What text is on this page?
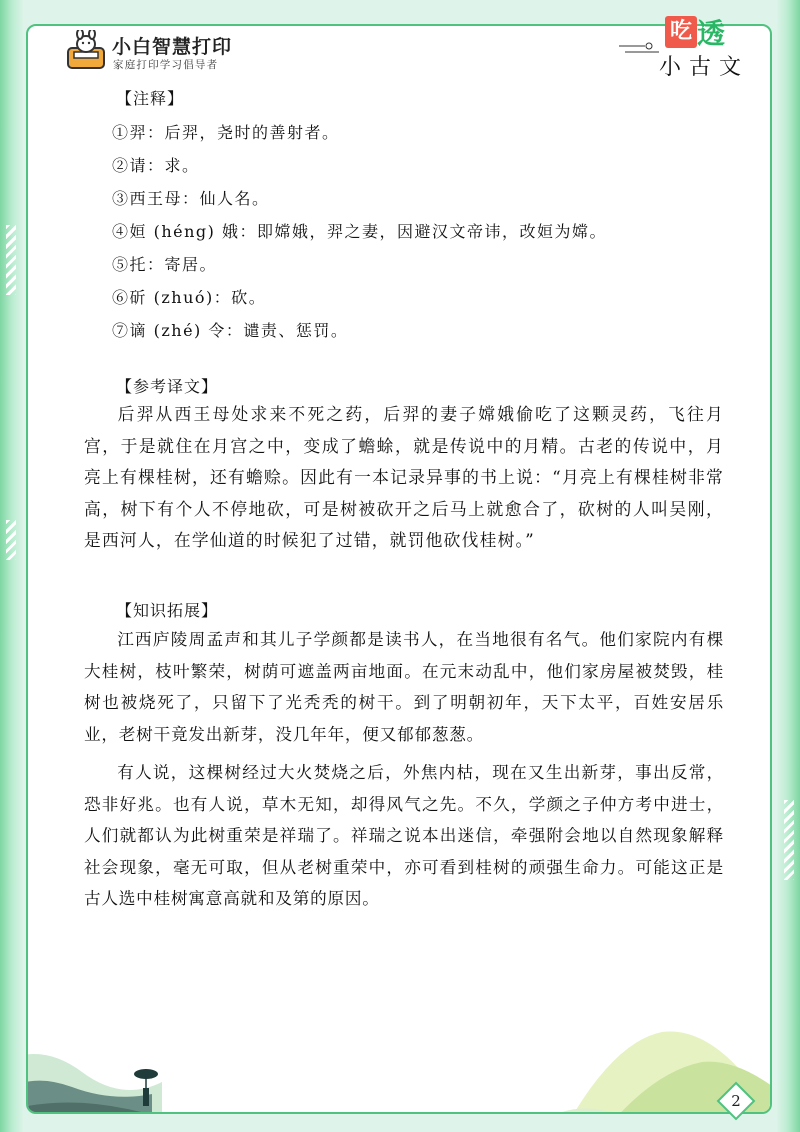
小白智慧打印
家庭打印学习倡导者
吃 透
小古文
【注释】
①羿：后羿，尧时的善射者。
②请：求。
③西王母：仙人名。
④姮 (héng) 娥：即嫦娥，羿之妻，因避汉文帝讳，改姮为嫦。
⑤托：寄居。
⑥斫 (zhuó)：砍。
⑦谪 (zhé) 令：谴责、惩罚。
【参考译文】

后羿从西王母处求来不死之药，后羿的妻子嫦娥偷吃了这颗灵药，飞往月宫，于是就住在月宫之中，变成了蟾蜍，就是传说中的月精。古老的传说中，月亮上有棵桂树，还有蟾赊。因此有一本记录异事的书上说：“月亮上有棵桂树非常高，树下有个人不停地砍，可是树被砍开之后马上就愈合了，砍树的人叫吴刚，是西河人，在学仙道的时候犯了过错，就罚他砍伐桂树。”

【知识拓展】

江西庐陵周孟声和其儿子学颜都是读书人，在当地很有名气。他们家院内有棵大桂树，枝叶繁荣，树荫可遮盖两亩地面。在元末动乱中，他们家房屋被焚毁，桂树也被烧死了，只留下了光秃秃的树干。到了明朝初年，天下太平，百姓安居乐业，老树干竟发出新芽，没几年年，便又郁郁葱葱。

有人说，这棵树经过大火焚烧之后，外焦内枯，现在又生出新芽，事出反常，恐非好兆。也有人说，草木无知，却得风气之先。不久，学颜之子仲方考中进士，人们就都认为此树重荣是祥瑞了。祥瑞之说本出迷信，牵强附会地以自然现象解释社会现象，毫无可取，但从老树重荣中，亦可看到桂树的顽强生命力。可能这正是古人选中桂树寓意高就和及第的原因。

2
